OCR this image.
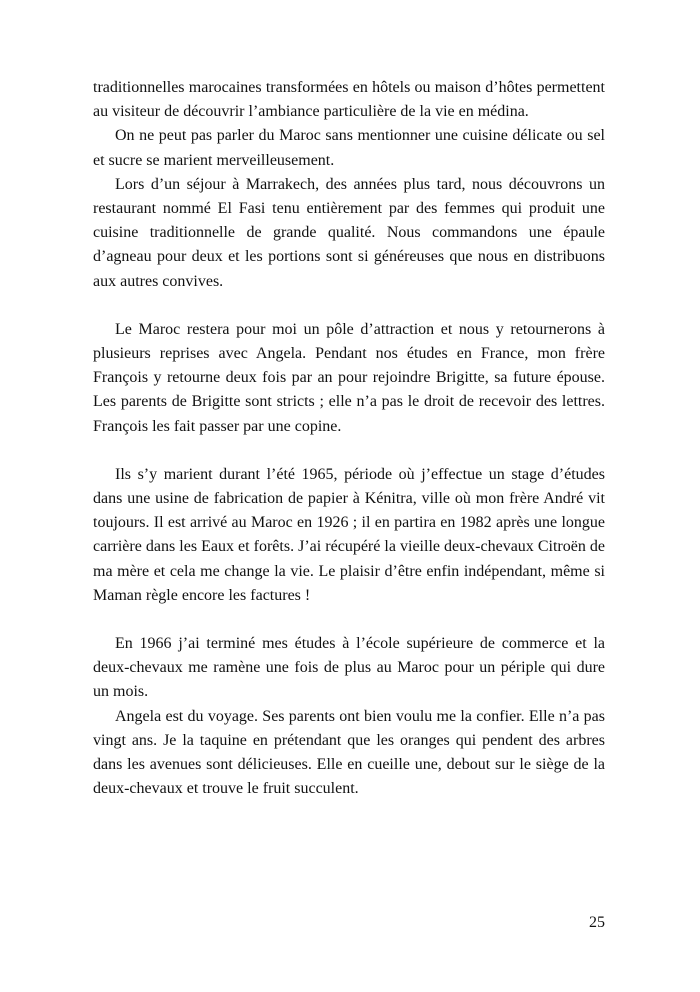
traditionnelles marocaines transformées en hôtels ou maison d’hôtes permettent au visiteur de découvrir l’ambiance particulière de la vie en médina.

On ne peut pas parler du Maroc sans mentionner une cuisine délicate ou sel et sucre se marient merveilleusement.

Lors d’un séjour à Marrakech, des années plus tard, nous découvrons un restaurant nommé El Fasi tenu entièrement par des femmes qui produit une cuisine traditionnelle de grande qualité. Nous commandons une épaule d’agneau pour deux et les portions sont si généreuses que nous en distribuons aux autres convives.

Le Maroc restera pour moi un pôle d’attraction et nous y retournerons à plusieurs reprises avec Angela. Pendant nos études en France, mon frère François y retourne deux fois par an pour rejoindre Brigitte, sa future épouse. Les parents de Brigitte sont stricts ; elle n’a pas le droit de recevoir des lettres. François les fait passer par une copine.

Ils s’y marient durant l’été 1965, période où j’effectue un stage d’études dans une usine de fabrication de papier à Kénitra, ville où mon frère André vit toujours. Il est arrivé au Maroc en 1926 ; il en partira en 1982 après une longue carrière dans les Eaux et forêts. J’ai récupéré la vieille deux-chevaux Citroën de ma mère et cela me change la vie. Le plaisir d’être enfin indépendant, même si Maman règle encore les factures !

En 1966 j’ai terminé mes études à l’école supérieure de commerce et la deux-chevaux me ramène une fois de plus au Maroc pour un périple qui dure un mois.

Angela est du voyage. Ses parents ont bien voulu me la confier. Elle n’a pas vingt ans. Je la taquine en prétendant que les oranges qui pendent des arbres dans les avenues sont délicieuses. Elle en cueille une, debout sur le siège de la deux-chevaux et trouve le fruit succulent.

25
